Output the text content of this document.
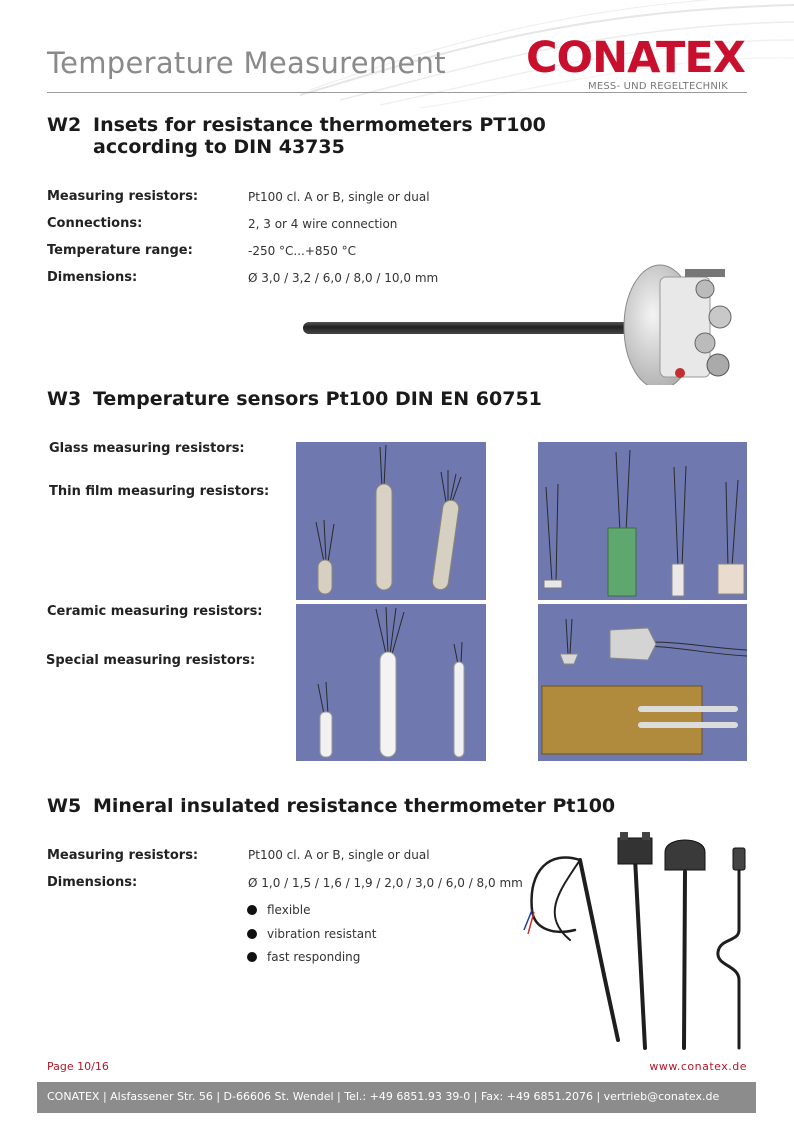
Temperature Measurement CONATEX
MESS- UND REGELTECHNIK
W2 Insets for resistance thermometers PT100
according to DIN 43735
Measuring resistors:	Pt100 cl. A or B, single or dual
Connections:	2, 3 or 4 wire connection
Temperature range:	-250 °C...+850 °C
Dimensions:	Ø 3,0 / 3,2 / 6,0 / 8,0 / 10,0 mm
W3 Temperature sensors Pt100 DIN EN 60751
Glass measuring resistors:
Thin film measuring resistors:
Ceramic measuring resistors:
Special measuring resistors:
W5 Mineral insulated resistance thermometer Pt100
Measuring resistors:	Pt100 cl. A or B, single or dual
Dimensions:	Ø 1,0 / 1,5 / 1,6 / 1,9 / 2,0 / 3,0 / 6,0 / 8,0 mm
flexible
vibration resistant
fast responding
Page 10/16	www.conatex.de
CONATEX | Alsfassener Str. 56 | D-66606 St. Wendel | Tel.: +49 6851.93 39-0 | Fax: +49 6851.2076 | vertrieb@conatex.de
